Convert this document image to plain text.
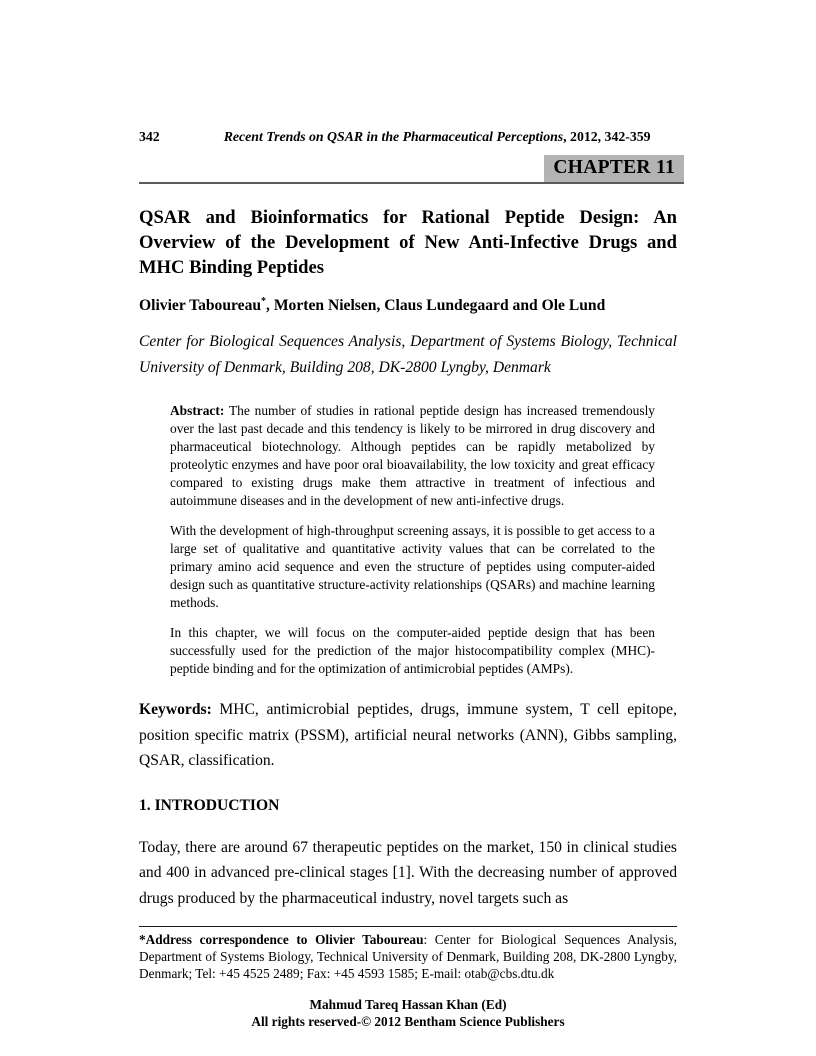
342	Recent Trends on QSAR in the Pharmaceutical Perceptions, 2012, 342-359
CHAPTER 11
QSAR and Bioinformatics for Rational Peptide Design: An Overview of the Development of New Anti-Infective Drugs and MHC Binding Peptides
Olivier Taboureau*, Morten Nielsen, Claus Lundegaard and Ole Lund
Center for Biological Sequences Analysis, Department of Systems Biology, Technical University of Denmark, Building 208, DK-2800 Lyngby, Denmark

Abstract: The number of studies in rational peptide design has increased tremendously over the last past decade and this tendency is likely to be mirrored in drug discovery and pharmaceutical biotechnology. Although peptides can be rapidly metabolized by proteolytic enzymes and have poor oral bioavailability, the low toxicity and great efficacy compared to existing drugs make them attractive in treatment of infectious and autoimmune diseases and in the development of new anti-infective drugs.

With the development of high-throughput screening assays, it is possible to get access to a large set of qualitative and quantitative activity values that can be correlated to the primary amino acid sequence and even the structure of peptides using computer-aided design such as quantitative structure-activity relationships (QSARs) and machine learning methods.

In this chapter, we will focus on the computer-aided peptide design that has been successfully used for the prediction of the major histocompatibility complex (MHC)-peptide binding and for the optimization of antimicrobial peptides (AMPs).

Keywords: MHC, antimicrobial peptides, drugs, immune system, T cell epitope, position specific matrix (PSSM), artificial neural networks (ANN), Gibbs sampling, QSAR, classification.
1. INTRODUCTION
Today, there are around 67 therapeutic peptides on the market, 150 in clinical studies and 400 in advanced pre-clinical stages [1]. With the decreasing number of approved drugs produced by the pharmaceutical industry, novel targets such as
*Address correspondence to Olivier Taboureau: Center for Biological Sequences Analysis, Department of Systems Biology, Technical University of Denmark, Building 208, DK-2800 Lyngby, Denmark; Tel: +45 4525 2489; Fax: +45 4593 1585; E-mail: otab@cbs.dtu.dk
Mahmud Tareq Hassan Khan (Ed)
All rights reserved-© 2012 Bentham Science Publishers
